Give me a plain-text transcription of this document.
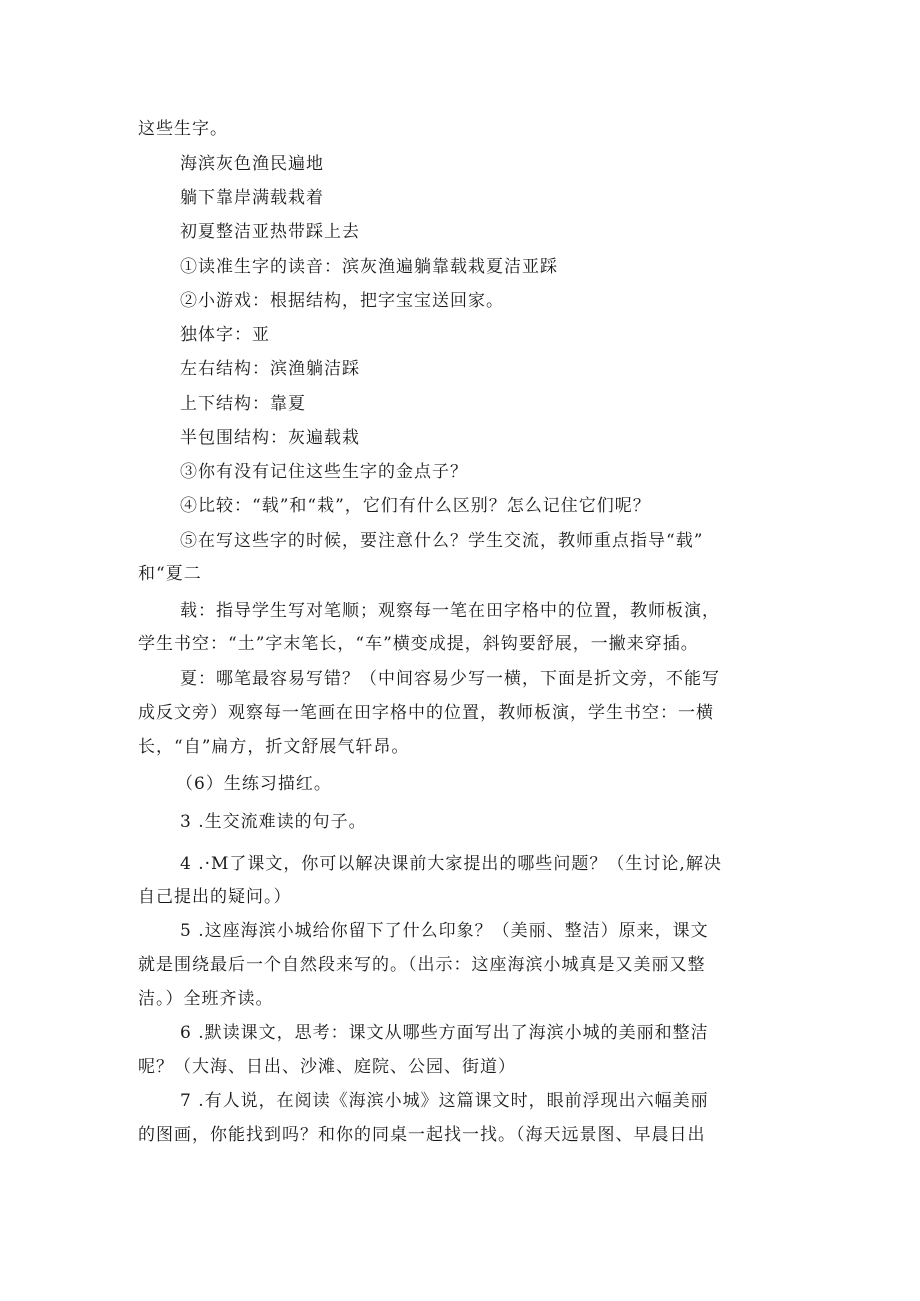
这些生字。
海滨灰色渔民遍地
躺下靠岸满载栽着
初夏整洁亚热带踩上去
①读准生字的读音：滨灰渔遍躺靠载栽夏洁亚踩
②小游戏：根据结构，把字宝宝送回家。
独体字：亚
左右结构：滨渔躺洁踩
上下结构：靠夏
半包围结构：灰遍载栽
③你有没有记住这些生字的金点子？
④比较：“载”和“栽”，它们有什么区别？怎么记住它们呢？
⑤在写这些字的时候，要注意什么？学生交流，教师重点指导“载”
和“夏二
载：指导学生写对笔顺；观察每一笔在田字格中的位置，教师板演，
学生书空：“土”字末笔长，“车”横变成提，斜钩要舒展，一撇来穿插。
夏：哪笔最容易写错？（中间容易少写一横，下面是折文旁，不能写
成反文旁）观察每一笔画在田字格中的位置，教师板演，学生书空：一横
长，“自”扁方，折文舒展气轩昂。
（6）生练习描红。
3 .生交流难读的句子。
4 .·M了课文，你可以解决课前大家提出的哪些问题？（生讨论,解决
自己提出的疑问。）
5 .这座海滨小城给你留下了什么印象？（美丽、整洁）原来，课文
就是围绕最后一个自然段来写的。（出示：这座海滨小城真是又美丽又整
洁。）全班齐读。
6 .默读课文，思考：课文从哪些方面写出了海滨小城的美丽和整洁
呢？（大海、日出、沙滩、庭院、公园、街道）
7 .有人说，在阅读《海滨小城》这篇课文时，眼前浮现出六幅美丽
的图画，你能找到吗？和你的同桌一起找一找。（海天远景图、早晨日出
